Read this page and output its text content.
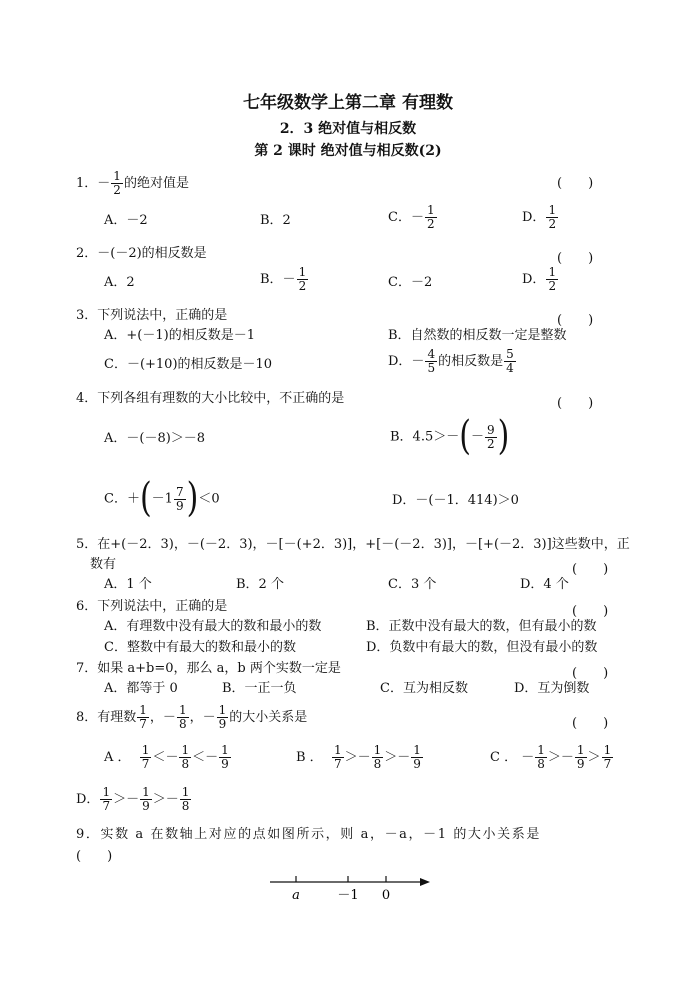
七年级数学上第二章 有理数
2．3 绝对值与相反数
第 2 课时 绝对值与相反数(2)
1．－ $\frac{1}{2}$ 的绝对值是	(　　)
A．－2	B．2	C．－ $\frac{1}{2}$	D． $\frac{1}{2}$
2．－(－2)的相反数是	(　　)
A．2	B．－ $\frac{1}{2}$	C．－2	D． $\frac{1}{2}$
3．下列说法中，正确的是	(　　)
A．+(－1)的相反数是－1	B．自然数的相反数一定是整数
C．－(+10)的相反数是－10	D．－ $\frac{4}{5}$ 的相反数是 $\frac{5}{4}$
4．下列各组有理数的大小比较中，不正确的是	(　　)
A．－(－8)＞－8	B．$4.5>-(- \frac{9}{2}$ )
C．$+(-1 \frac{7}{9} )<0$	D．－(－1．414)＞0
5．在+(－2．3)，－(－2．3)，－[－(+2．3)]，+[－(－2．3)]，－[+(－2．3)]这些数中，正
数有	(　　)
A．1 个	B．2 个	C．3 个	D．4 个
6．下列说法中，正确的是	(　　)
A．有理数中没有最大的数和最小的数	B．正数中没有最大的数，但有最小的数
C．整数中有最大的数和最小的数	D．负数中有最大的数，但没有最小的数
7．如果 a+b=0，那么 a，b 两个实数一定是	(　　)
A．都等于 0	B．一正一负	C．互为相反数	D．互为倒数
8．有理数 $\frac{1}{7}$ ，－ $\frac{1}{8}$ ，－ $\frac{1}{9}$ 的大小关系是	(　　)
A ． $\frac{1}{7} <- \frac{1}{8} <- \frac{1}{9}$	B ． $\frac{1}{7} >- \frac{1}{8} >- \frac{1}{9}$	C ． － $\frac{1}{8} >- \frac{1}{9} > \frac{1}{7}$
D． $\frac{1}{7} >- \frac{1}{9} >- \frac{1}{8}$
9．实数 a 在数轴上对应的点如图所示，则 a，－a，－1 的大小关系是
(　　)
a	－1 0
